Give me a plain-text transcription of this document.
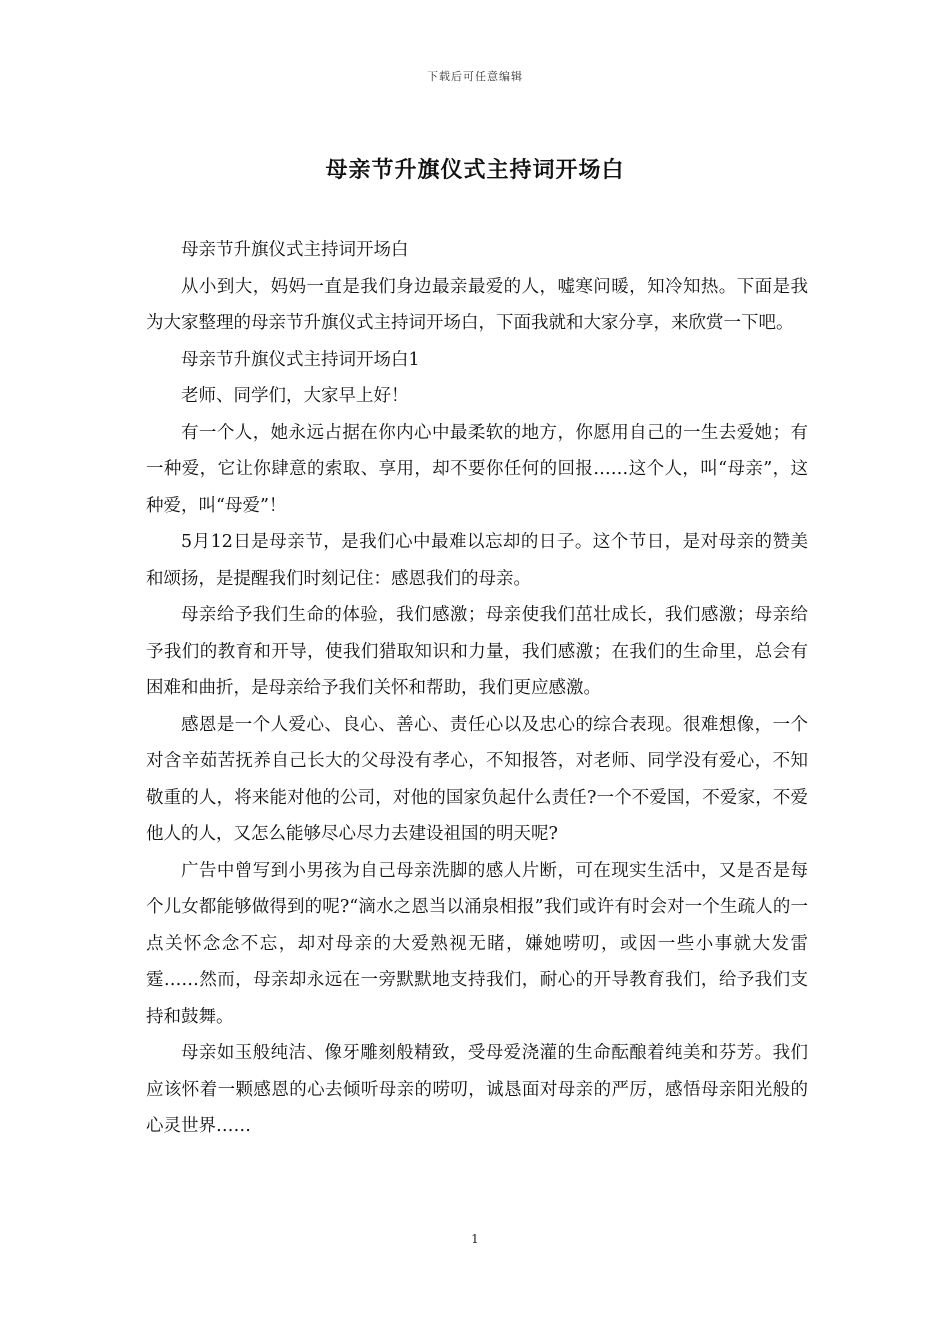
下载后可任意编辑
母亲节升旗仪式主持词开场白

母亲节升旗仪式主持词开场白

从小到大，妈妈一直是我们身边最亲最爱的人，嘘寒问暖，知冷知热。下面是我为大家整理的母亲节升旗仪式主持词开场白，下面我就和大家分享，来欣赏一下吧。

母亲节升旗仪式主持词开场白1

老师、同学们，大家早上好！

有一个人，她永远占据在你内心中最柔软的地方，你愿用自己的一生去爱她；有一种爱，它让你肆意的索取、享用，却不要你任何的回报……这个人，叫“母亲”，这种爱，叫“母爱”！

5月12日是母亲节，是我们心中最难以忘却的日子。这个节日，是对母亲的赞美和颂扬，是提醒我们时刻记住：感恩我们的母亲。

母亲给予我们生命的体验，我们感激；母亲使我们茁壮成长，我们感激；母亲给予我们的教育和开导，使我们猎取知识和力量，我们感激；在我们的生命里，总会有困难和曲折，是母亲给予我们关怀和帮助，我们更应感激。

感恩是一个人爱心、良心、善心、责任心以及忠心的综合表现。很难想像，一个对含辛茹苦抚养自己长大的父母没有孝心，不知报答，对老师、同学没有爱心，不知敬重的人，将来能对他的公司，对他的国家负起什么责任?一个不爱国，不爱家，不爱他人的人，又怎么能够尽心尽力去建设祖国的明天呢?

广告中曾写到小男孩为自己母亲洗脚的感人片断，可在现实生活中，又是否是每个儿女都能够做得到的呢?“滴水之恩当以涌泉相报”我们或许有时会对一个生疏人的一点关怀念念不忘，却对母亲的大爱熟视无睹，嫌她唠叨，或因一些小事就大发雷霆……然而，母亲却永远在一旁默默地支持我们，耐心的开导教育我们，给予我们支持和鼓舞。

母亲如玉般纯洁、像牙雕刻般精致，受母爱浇灌的生命酝酿着纯美和芬芳。我们应该怀着一颗感恩的心去倾听母亲的唠叨，诚恳面对母亲的严厉，感悟母亲阳光般的心灵世界……

1
